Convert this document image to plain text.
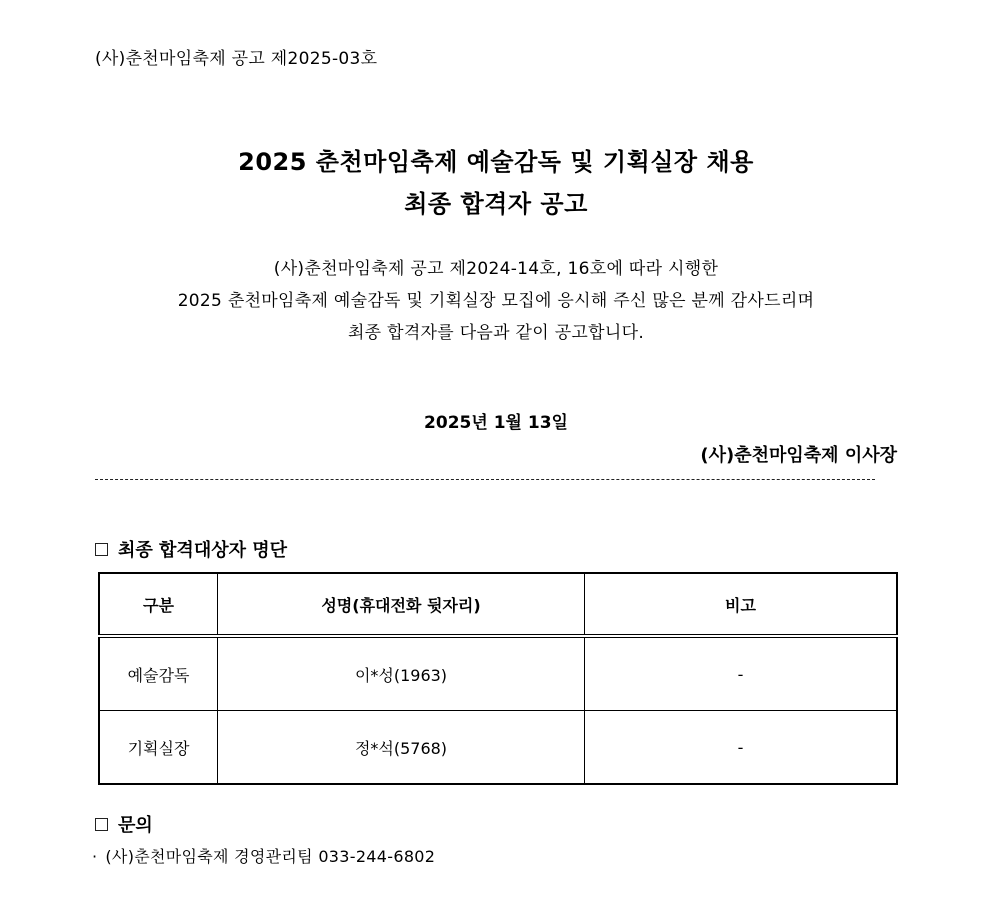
(사)춘천마임축제 공고 제2025-03호
2025 춘천마임축제 예술감독 및 기획실장 채용
최종 합격자 공고
(사)춘천마임축제 공고 제2024-14호, 16호에 따라 시행한
2025 춘천마임축제 예술감독 및 기획실장 모집에 응시해 주신 많은 분께 감사드리며
최종 합격자를 다음과 같이 공고합니다.
2025년 1월 13일
(사)춘천마임축제 이사장
최종 합격대상자 명단
구분	성명(휴대전화 뒷자리)	비고
예술감독	이*성(1963)	-
기획실장	정*석(5768)	-
문의
· (사)춘천마임축제 경영관리팀 033-244-6802
